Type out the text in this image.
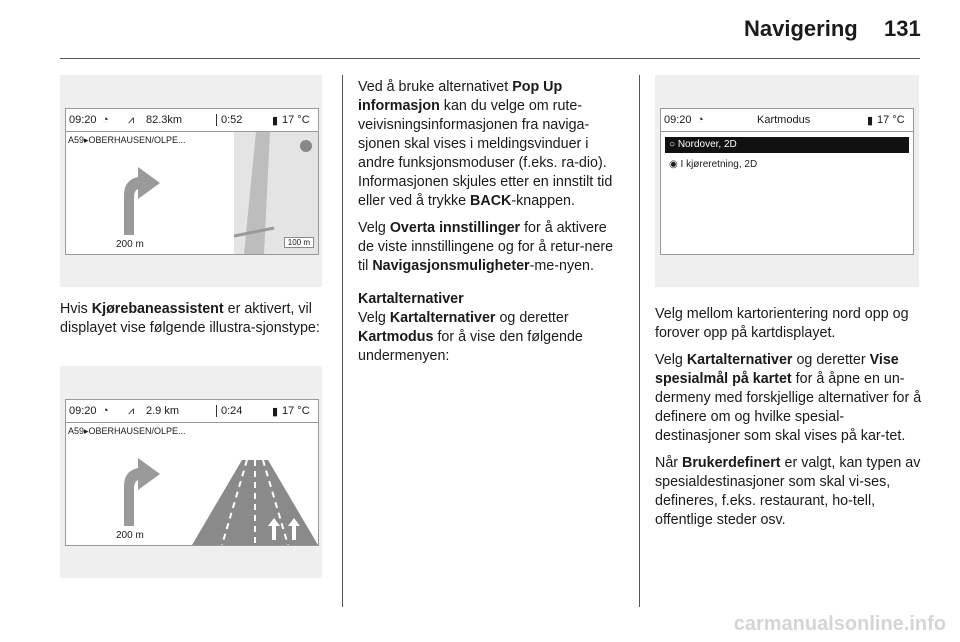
Navigering 131
09:20 ◔ ⩘ 82.3km	0:52	▮ 17 °C
A59▸OBERHAUSEN/OLPE...
200 m	100 m

Hvis Kjørebaneassistent er aktivert, vil displayet vise følgende illustra-sjonstype:

09:20 ◔ ⩘ 2.9 km	0:24	▮ 17 °C
A59▸OBERHAUSEN/OLPE...
200 m

Ved å bruke alternativet Pop Up informasjon kan du velge om rute-veivisningsinformasjonen fra naviga-sjonen skal vises i meldingsvinduer i andre funksjonsmoduser (f.eks. ra-dio). Informasjonen skjules etter en innstilt tid eller ved å trykke BACK-knappen.

Velg Overta innstillinger for å aktivere de viste innstillingene og for å retur-nere til Navigasjonsmuligheter-me-nyen.

Kartalternativer

Velg Kartalternativer og deretter Kartmodus for å vise den følgende undermenyen:

09:20 ◔	Kartmodus	▮ 17 °C
○ Nordover, 2D
◉ I kjøreretning, 2D

Velg mellom kartorientering nord opp og forover opp på kartdisplayet.

Velg Kartalternativer og deretter Vise spesialmål på kartet for å åpne en un-dermeny med forskjellige alternativer for å definere om og hvilke spesial-destinasjoner som skal vises på kar-tet.

Når Brukerdefinert er valgt, kan typen av spesialdestinasjoner som skal vi-ses, defineres, f.eks. restaurant, ho-tell, offentlige steder osv.

carmanualsonline.info
